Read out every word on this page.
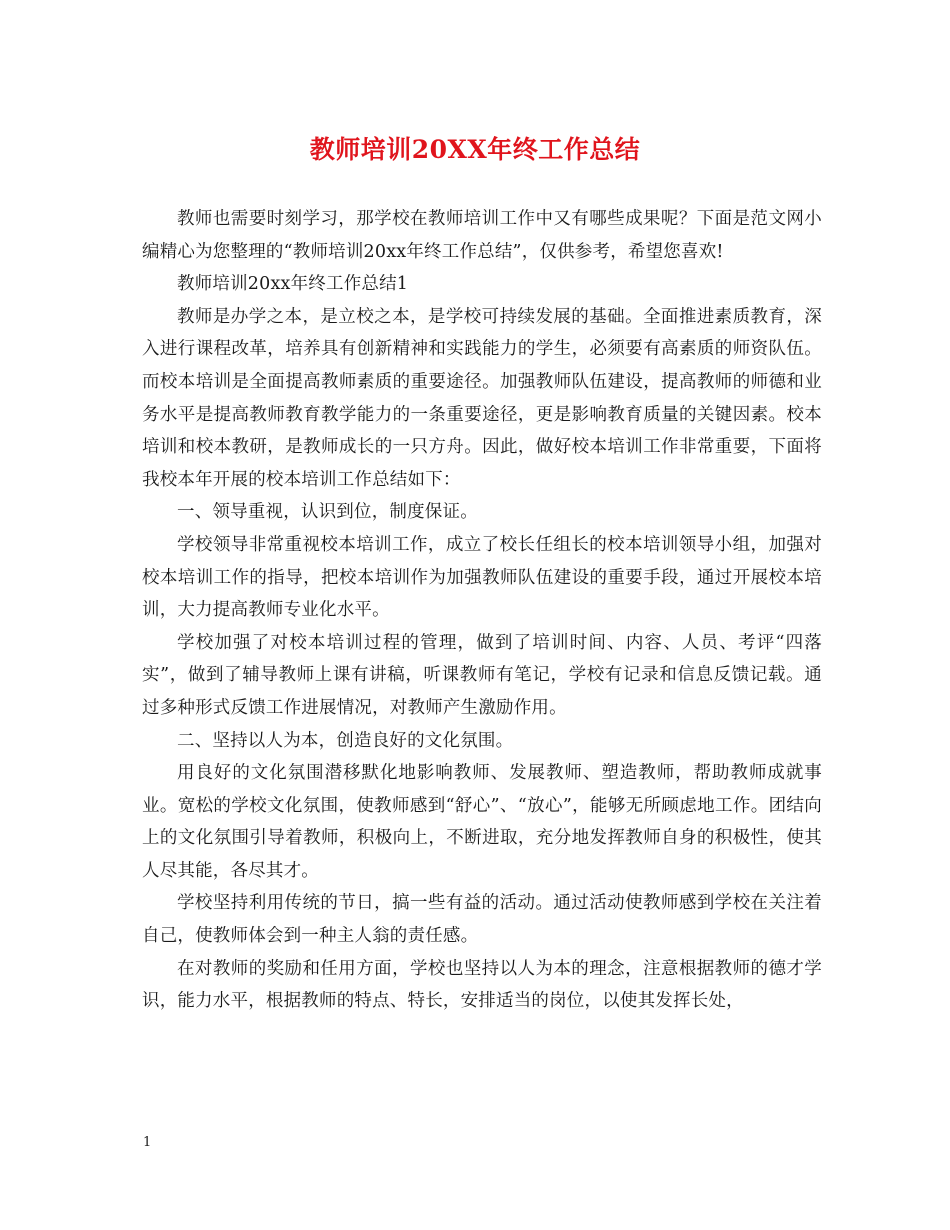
教师培训20XX年终工作总结

教师也需要时刻学习，那学校在教师培训工作中又有哪些成果呢？下面是范文网小编精心为您整理的“教师培训20xx年终工作总结”，仅供参考，希望您喜欢!

教师培训20xx年终工作总结1

教师是办学之本，是立校之本，是学校可持续发展的基础。全面推进素质教育，深入进行课程改革，培养具有创新精神和实践能力的学生，必须要有高素质的师资队伍。而校本培训是全面提高教师素质的重要途径。加强教师队伍建设，提高教师的师德和业务水平是提高教师教育教学能力的一条重要途径，更是影响教育质量的关键因素。校本培训和校本教研，是教师成长的一只方舟。因此，做好校本培训工作非常重要，下面将我校本年开展的校本培训工作总结如下：

一、领导重视，认识到位，制度保证。

学校领导非常重视校本培训工作，成立了校长任组长的校本培训领导小组，加强对校本培训工作的指导，把校本培训作为加强教师队伍建设的重要手段，通过开展校本培训，大力提高教师专业化水平。

学校加强了对校本培训过程的管理，做到了培训时间、内容、人员、考评“四落实”，做到了辅导教师上课有讲稿，听课教师有笔记，学校有记录和信息反馈记载。通过多种形式反馈工作进展情况，对教师产生激励作用。

二、坚持以人为本，创造良好的文化氛围。

用良好的文化氛围潜移默化地影响教师、发展教师、塑造教师，帮助教师成就事业。宽松的学校文化氛围，使教师感到“舒心”、“放心”，能够无所顾虑地工作。团结向上的文化氛围引导着教师，积极向上，不断进取，充分地发挥教师自身的积极性，使其人尽其能，各尽其才。

学校坚持利用传统的节日，搞一些有益的活动。通过活动使教师感到学校在关注着自己，使教师体会到一种主人翁的责任感。

在对教师的奖励和任用方面，学校也坚持以人为本的理念，注意根据教师的德才学识，能力水平，根据教师的特点、特长，安排适当的岗位，以使其发挥长处，

1
